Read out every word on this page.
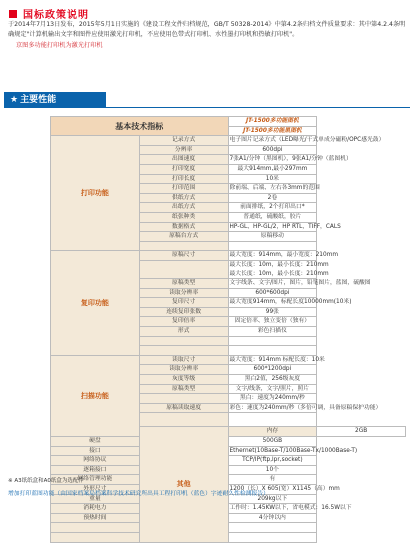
国标政策说明

于2014年7月13日发布，2015年5月1日实施的《建设工程文件归档规范，GB/T 50328-2014》中第4.2条归档文件质量要求：其中第4.2.4条明确规定"计算机输出文字和图件应使用激光打印机，不应使用色带式打印机、水性墨打印机和热敏打印机"。

京图多功能打印机为激光打印机

★ 主要性能
基本技术指标		JT-1500多功能图机	
		JT-1500多功能黑图机	
打印功能	记录方式	电子图片记录方式（LED曝光/干式单成分磁粉/OPC感光鼓）	
	分辨率	600dpi	
	出图速度	7张A1/分钟（黑图机），9张A1/分钟（蓝图机）	
	打印宽度	最大914mm,最小297mm	
	打印长度	10米	
	打印范围	除前端、后端、左右各3mm的范围	
	供纸方式	2卷	
	出纸方式	前面排纸，2个打印出口*	
	纸张种类	普通纸，硫酸纸，胶片	
	数据格式	HP-GL、HP-GL/2，HP RTL，TIFF，CALS	
	原稿台方式	原稿移动	

复印功能	原稿尺寸	最大宽度：914mm，最小宽度：210mm	
		最大长度：10m，最小长度：210mm
最大长度：10m，最小长度：210mm	
	原稿类型	文字线条、文字/图片，图片，铅笔图片，蓝图，硫酸图	
	读取分辨率	600*600dpi	
	复印尺寸	最大宽度914mm，标配长度10000mm(10米)	
	连续复印张数	99张	
	复印倍率	固定倍率、独立变倍（独有）	
	形式	彩色扫描仪	

扫描功能	读取尺寸	最大宽度：914mm 标配长度：10米	
	读取分辨率	600*1200dpi	
	灰度等级	黑白2值，256级灰度	
	原稿类型	文字/线条，文字/照片，照片	
		黑白：速度为240mm/秒	
	原稿读取速度	彩色：速度为240mm/秒（多倍可调，具备原稿保护功能）	

	其他	内存	2GB
硬盘		500GB	
接口		Ethernet(10Base-T/100Base-Tx/1000Base-T)	
网络协议		TCP/IP(ftp,lpr,socket)	
逐箱接口		10个	
网络管理功能		有	
外形尺寸		1200（长）X 605(宽）X1145（高）mm	
重量		209kg以下	
消耗电力		工作时：1.45KW以下，省电模式：16.5W以下	
预热时间		4分钟以内	

※ A3纸纸盒和A0纸盒为选配件
增加打印蓝图功能（由国家档案局档案科学技术研究所出具工程打印机（蓝色）字迹耐久性检测报告）
